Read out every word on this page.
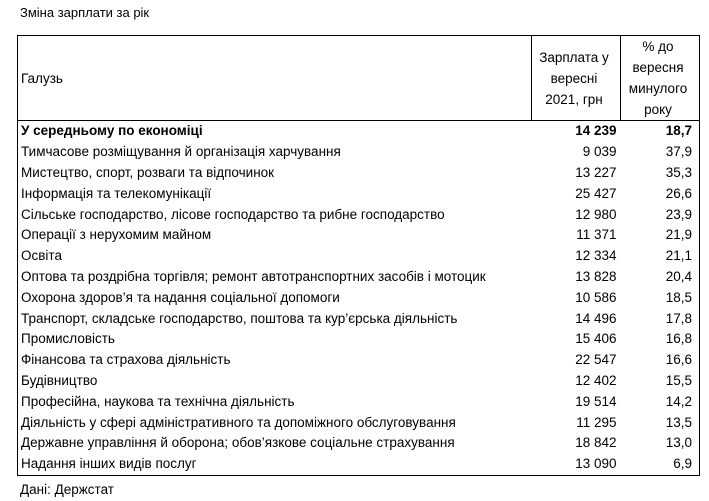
Зміна зарплати за рік
Галузь	Зарплата у вересні 2021, грн	% до вересня минулого року
У середньому по економіці	14 239	18,7
Тимчасове розміщування й організація харчування	9 039	37,9
Мистецтво, спорт, розваги та відпочинок	13 227	35,3
Інформація та телекомунікації	25 427	26,6
Сільське господарство, лісове господарство та рибне господарство	12 980	23,9
Операції з нерухомим майном	11 371	21,9
Освіта	12 334	21,1
Оптова та роздрібна торгівля; ремонт автотранспортних засобів і мотоцик	13 828	20,4
Охорона здоров’я та надання соціальної допомоги	10 586	18,5
Транспорт, складське господарство, поштова та кур’єрська діяльність	14 496	17,8
Промисловість	15 406	16,8
Фінансова та страхова діяльність	22 547	16,6
Будівництво	12 402	15,5
Професійна, наукова та технічна діяльність	19 514	14,2
Діяльність у сфері адміністративного та допоміжного обслуговування	11 295	13,5
Державне управління й оборона; обов’язкове соціальне страхування	18 842	13,0
Надання інших видів послуг	13 090	6,9
Дані: Держстат
